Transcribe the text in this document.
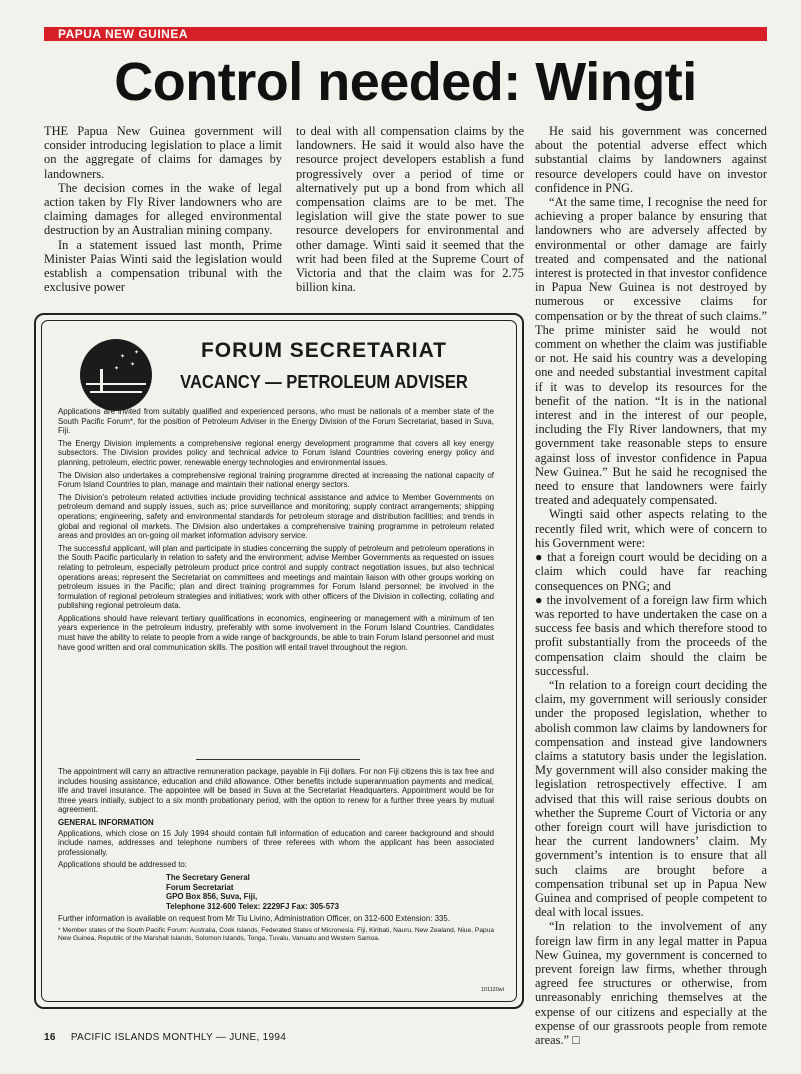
PAPUA NEW GUINEA
Control needed: Wingti

THE Papua New Guinea government will consider introducing legislation to place a limit on the aggregate of claims for damages by landowners.

The decision comes in the wake of legal action taken by Fly River landowners who are claiming damages for alleged environmental destruction by an Australian mining company.

In a statement issued last month, Prime Minister Paias Winti said the legislation would establish a compensation tribunal with the exclusive power

to deal with all compensation claims by the landowners. He said it would also have the resource project developers establish a fund progressively over a period of time or alternatively put up a bond from which all compensation claims are to be met. The legislation will give the state power to sue resource developers for environmental and other damage. Winti said it seemed that the writ had been filed at the Supreme Court of Victoria and that the claim was for 2.75 billion kina.

He said his government was concerned about the potential adverse effect which substantial claims by landowners against resource developers could have on investor confidence in PNG.

“At the same time, I recognise the need for achieving a proper balance by ensuring that landowners who are adversely affected by environmental or other damage are fairly treated and compensated and the national interest is protected in that investor confidence in Papua New Guinea is not destroyed by numerous or excessive claims for compensation or by the threat of such claims.” The prime minister said he would not comment on whether the claim was justifiable or not. He said his country was a developing one and needed substantial investment capital if it was to develop its resources for the benefit of the nation. “It is in the national interest and in the interest of our people, including the Fly River landowners, that my government take reasonable steps to ensure against loss of investor confidence in Papua New Guinea.” But he said he recognised the need to ensure that landowners were fairly treated and adequately compensated.

Wingti said other aspects relating to the recently filed writ, which were of concern to his Government were:

● that a foreign court would be deciding on a claim which could have far reaching consequences on PNG; and

● the involvement of a foreign law firm which was reported to have undertaken the case on a success fee basis and which therefore stood to profit substantially from the proceeds of the compensation claim should the claim be successful.

“In relation to a foreign court deciding the claim, my government will seriously consider under the proposed legislation, whether to abolish common law claims by landowners for compensation and instead give landowners claims a statutory basis under the legislation. My government will also consider making the legislation retrospectively effective. I am advised that this will raise serious doubts on whether the Supreme Court of Victoria or any other foreign court will have jurisdiction to hear the current landowners’ claim. My government’s intention is to ensure that all such claims are brought before a compensation tribunal set up in Papua New Guinea and comprised of people competent to deal with local issues.

“In relation to the involvement of any foreign law firm in any legal matter in Papua New Guinea, my government is concerned to prevent foreign law firms, whether through agreed fee structures or otherwise, from unreasonably enriching themselves at the expense of our citizens and especially at the expense of our grassroots people from remote areas.” □

✦
✦
✦
✦	FORUM SECRETARIAT
VACANCY — PETROLEUM ADVISER

Applications are invited from suitably qualified and experienced persons, who must be nationals of a member state of the South Pacific Forum*, for the position of Petroleum Adviser in the Energy Division of the Forum Secretariat, based in Suva, Fiji.

The Energy Division implements a comprehensive regional energy development programme that covers all key energy subsectors. The Division provides policy and technical advice to Forum Island Countries covering energy policy and planning, petroleum, electric power, renewable energy technologies and environmental issues.

The Division also undertakes a comprehensive regional training programme directed at increasing the national capacity of Forum Island Countries to plan, manage and maintain their national energy sectors.

The Division’s petroleum related activities include providing technical assistance and advice to Member Governments on petroleum demand and supply issues, such as; price surveillance and monitoring; supply contract arrangements; shipping operations; engineering, safety and environmental standards for petroleum storage and distribution facilities; and trends in global and regional oil markets. The Division also undertakes a comprehensive training programme in petroleum related areas and provides an on-going oil market information advisory service.

The successful applicant, will plan and participate in studies concerning the supply of petroleum and petroleum operations in the South Pacific particularly in relation to safety and the environment; advise Member Governments as requested on issues relating to petroleum, especially petroleum product price control and supply contract negotiation issues, but also technical operations areas; represent the Secretariat on committees and meetings and maintain liaison with other groups working on petroleum issues in the Pacific; plan and direct training programmes for Forum Island personnel; be involved in the formulation of regional petroleum strategies and initiatives; work with other officers of the Division in collecting, collating and publishing regional petroleum data.

Applications should have relevant tertiary qualifications in economics, engineering or management with a minimum of ten years experience in the petroleum industry, preferably with some involvement in the Forum Island Countries. Candidates must have the ability to relate to people from a wide range of backgrounds, be able to train Forum Island personnel and must have good written and oral communication skills. The position will entail travel throughout the region.

The appointment will carry an attractive remuneration package, payable in Fiji dollars. For non Fiji citizens this is tax free and includes housing assistance, education and child allowance. Other benefits include superannuation payments and medical, life and travel insurance. The appointee will be based in Suva at the Secretariat Headquarters. Appointment would be for three years initially, subject to a six month probationary period, with the option to renew for a further three years by mutual agreement.

GENERAL INFORMATION

Applications, which close on 15 July 1994 should contain full information of education and career background and should include names, addresses and telephone numbers of three referees with whom the applicant has been associated professionally.

Applications should be addressed to:

The Secretary General
Forum Secretariat
GPO Box 856, Suva, Fiji,
Telephone 312-600 Telex: 2229FJ Fax: 305-573

Further information is available on request from Mr Tiu Livino, Administration Officer, on 312-600 Extension: 335.

* Member states of the South Pacific Forum: Australia, Cook Islands, Federated States of Micronesia, Fiji, Kiribati, Nauru, New Zealand, Niue, Papua New Guinea, Republic of the Marshall Islands, Solomon Islands, Tonga, Tuvalu, Vanuatu and Western Samoa.

101120wl
16 PACIFIC ISLANDS MONTHLY — JUNE, 1994
